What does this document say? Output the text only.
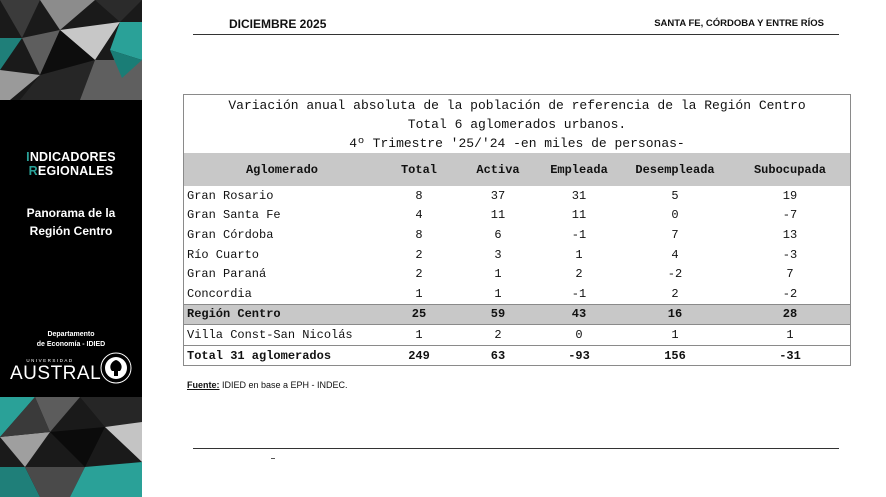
INDICADORES
REGIONALES
Panorama de la
Región Centro
Departamento
de Economía - IDIED
UNIVERSIDAD
AUSTRAL
DICIEMBRE 2025	SANTA FE, CÓRDOBA Y ENTRE RÍOS
Variación anual absoluta de la población de referencia de la Región Centro
Total 6 aglomerados urbanos.
4º Trimestre '25/'24 -en miles de personas-
Aglomerado	Total	Activa	Empleada	Desempleada	Subocupada
Gran Rosario	8	37	31	5	19
Gran Santa Fe	4	11	11	0	-7
Gran Córdoba	8	6	-1	7	13
Río Cuarto	2	3	1	4	-3
Gran Paraná	2	1	2	-2	7
Concordia	1	1	-1	2	-2
Región Centro	25	59	43	16	28
Villa Const-San Nicolás	1	2	0	1	1
Total 31 aglomerados	249	63	-93	156	-31
Fuente: IDIED en base a EPH - INDEC.
